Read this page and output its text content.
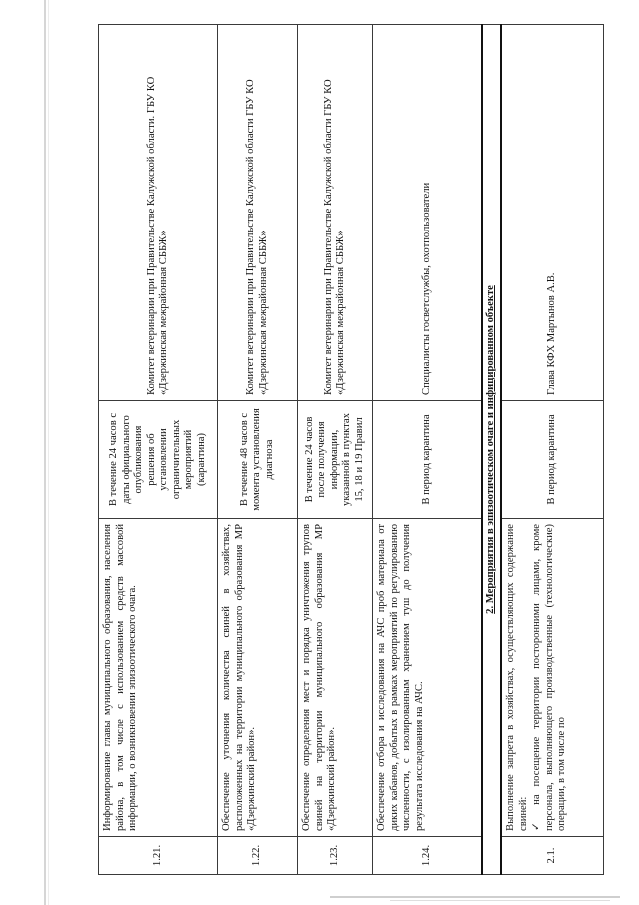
1.21.	Информирование главы муниципального образования, населения района, в том числе с использованием средств массовой информации, о возникновении эпизоотического очага.	В течение 24 часов с даты официального опубликования решения об установлении ограничительных мероприятий (карантина)	Комитет ветеринарии при Правительстве Калужской области. ГБУ КО «Дзержинская межрайонная СББЖ»
1.22.	Обеспечение уточнения количества свиней в хозяйствах, расположенных на территории муниципального образования МР «Дзержинский район».	В течение 48 часов с момента установления диагноза	Комитет ветеринарии при Правительстве Калужской области ГБУ КО «Дзержинская межрайонная СББЖ»
1.23.	Обеспечение определения мест и порядка уничтожения трупов свиней на территории муниципального образования МР «Дзержинский район».	В течение 24 часов после получения информации, указанной в пунктах 15, 18 и 19 Правил	Комитет ветеринарии при Правительстве Калужской области ГБУ КО «Дзержинская межрайонная СББЖ»
1.24.	Обеспечение отбора и исследования на АЧС проб материала от диких кабанов, добытых в рамках мероприятий по регулированию численности, с изолированным хранением туш до получения результата исследования на АЧС.	В период карантина	Специалисты госветслужбы, охотпользователи
2. Мероприятия в эпизоотическом очаге и инфицированном объекте			
2.1.	Выполнение запрета в хозяйствах, осуществляющих содержание свиней: ✓на посещение территории посторонними лицами, кроме персонала, выполняющего производственные (технологические) операции, в том числе по	В период карантина	Глава КФХ Мартынов А.В.
